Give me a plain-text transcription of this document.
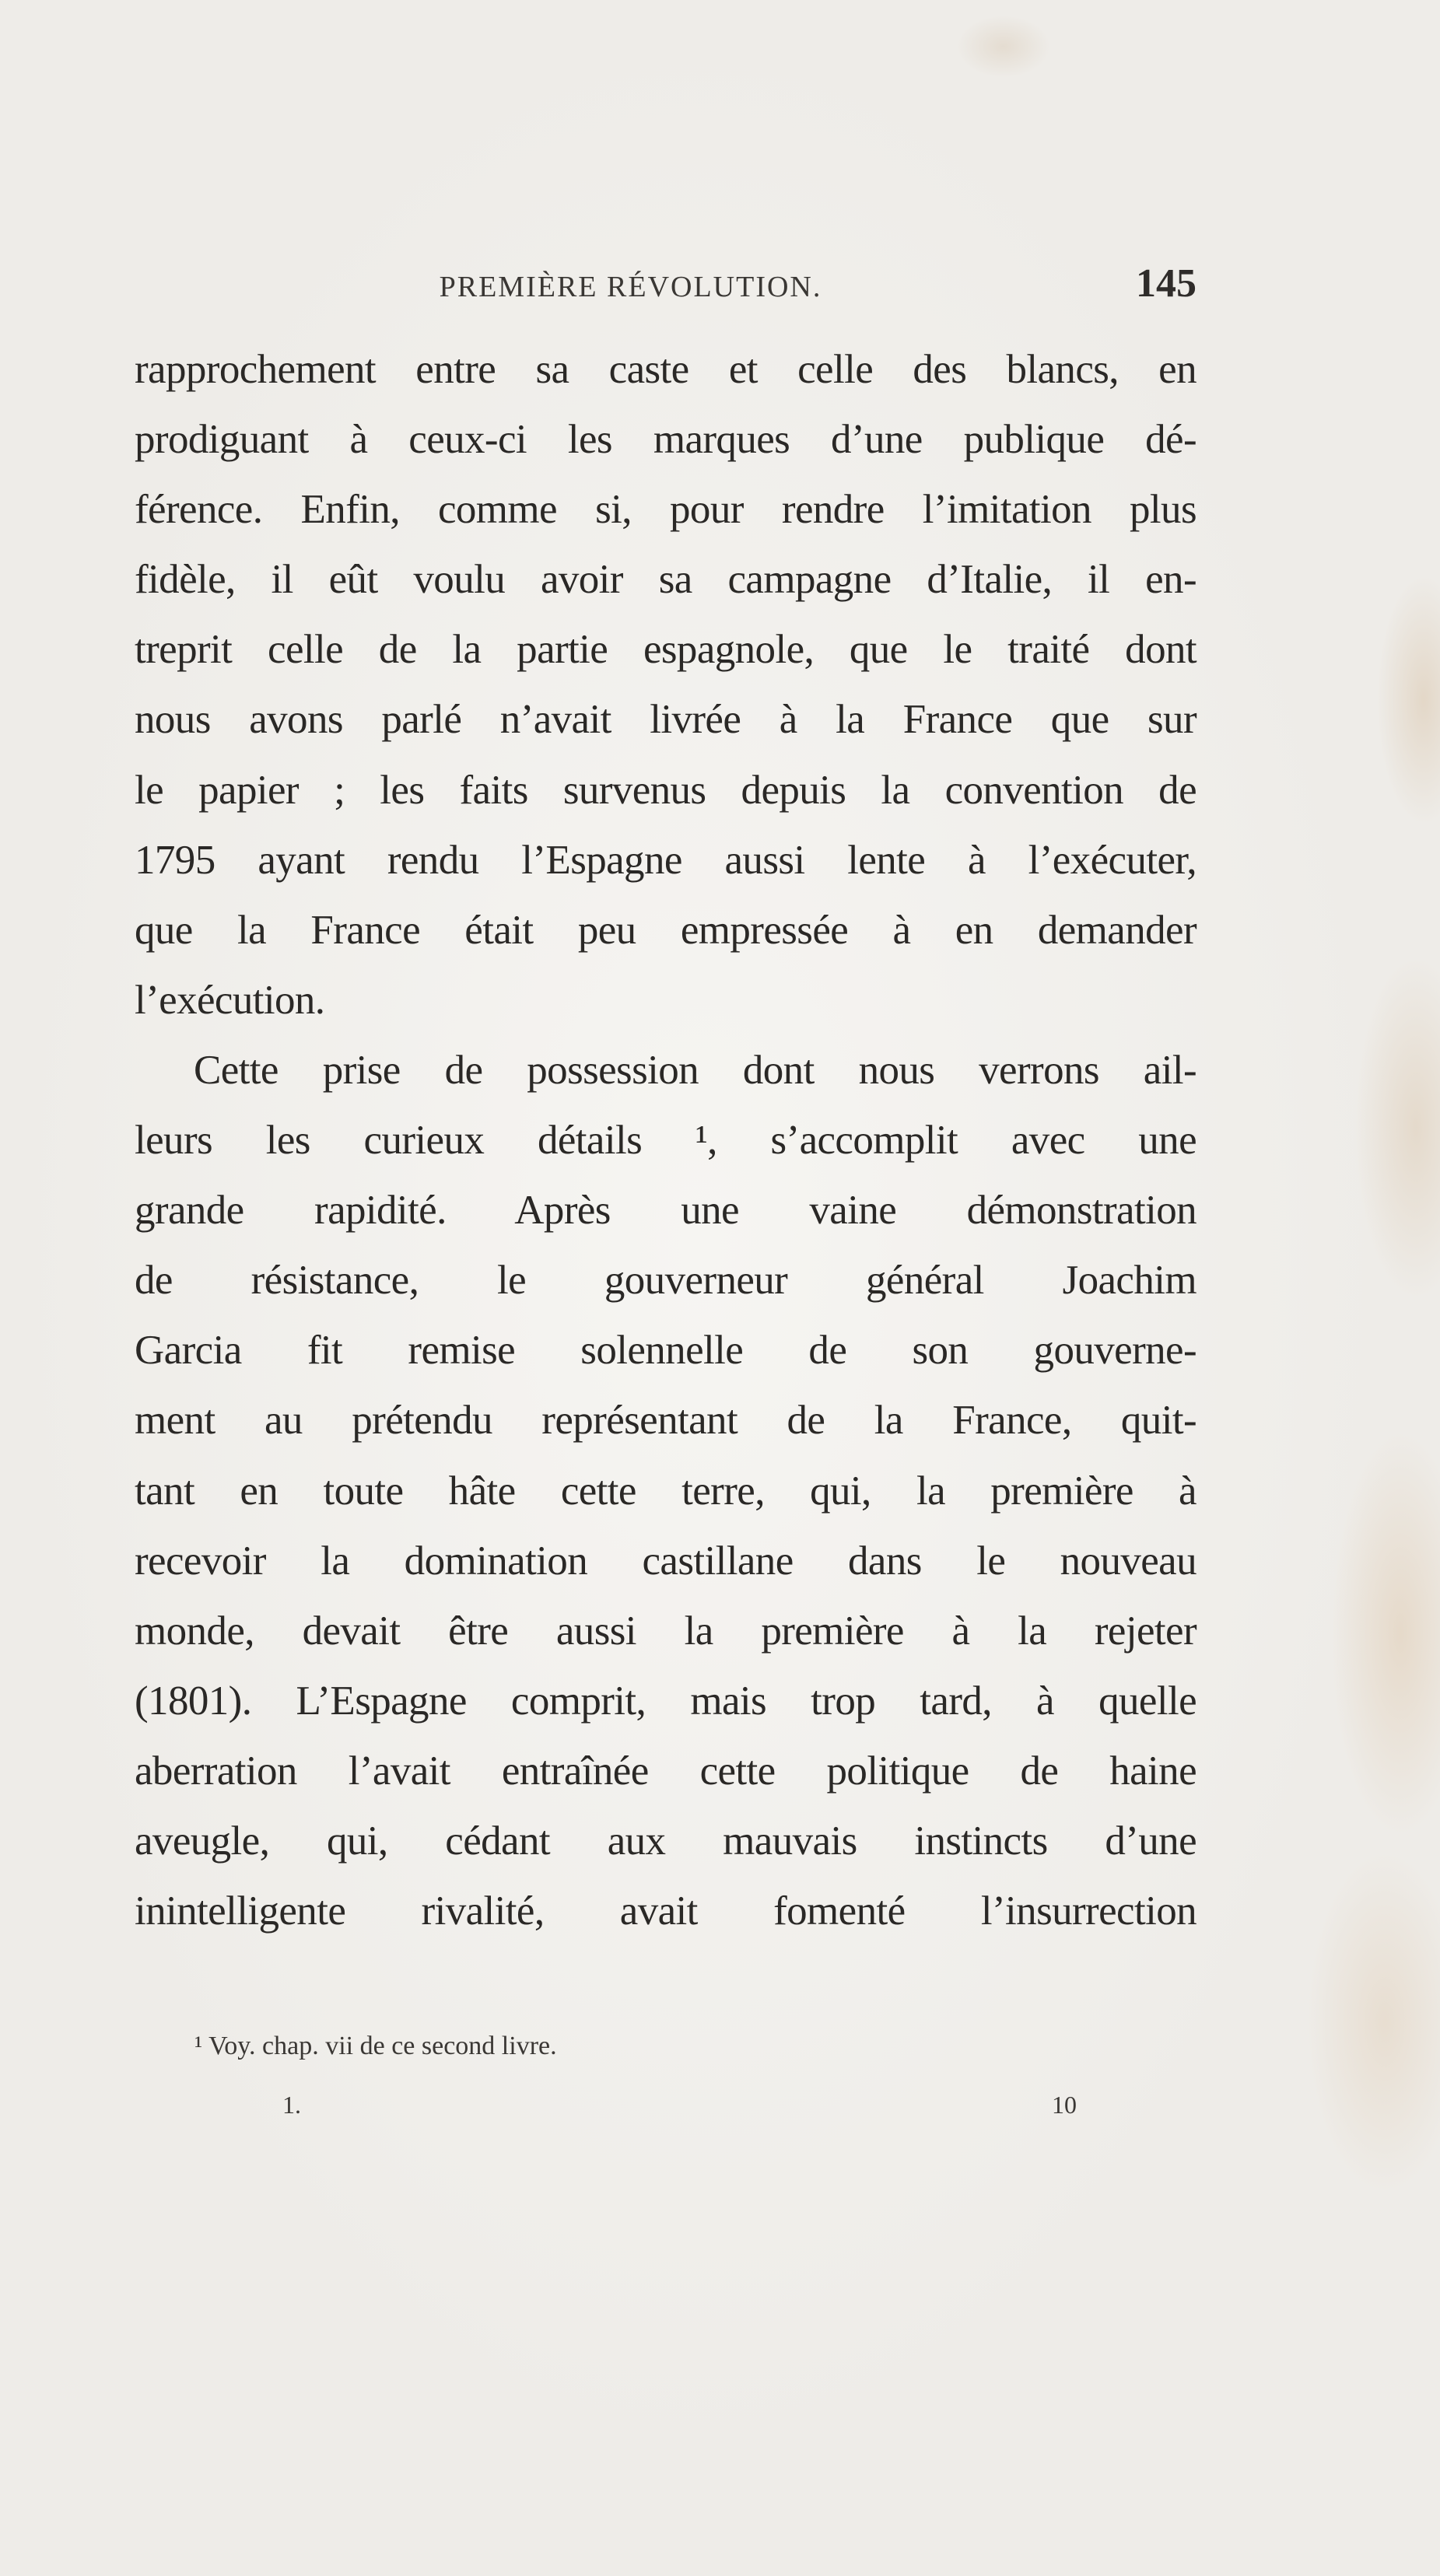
PREMIÈRE RÉVOLUTION.	145
rapprochement entre sa caste et celle des blancs, en
prodiguant à ceux-ci les marques d’une publique dé-
férence. Enfin, comme si, pour rendre l’imitation plus
fidèle, il eût voulu avoir sa campagne d’Italie, il en-
treprit celle de la partie espagnole, que le traité dont
nous avons parlé n’avait livrée à la France que sur
le papier ; les faits survenus depuis la convention de
1795 ayant rendu l’Espagne aussi lente à l’exécuter,
que la France était peu empressée à en demander
l’exécution.
Cette prise de possession dont nous verrons ail-
leurs les curieux détails ¹, s’accomplit avec une
grande rapidité. Après une vaine démonstration
de résistance, le gouverneur général Joachim
Garcia fit remise solennelle de son gouverne-
ment au prétendu représentant de la France, quit-
tant en toute hâte cette terre, qui, la première à
recevoir la domination castillane dans le nouveau
monde, devait être aussi la première à la rejeter
(1801). L’Espagne comprit, mais trop tard, à quelle
aberration l’avait entraînée cette politique de haine
aveugle, qui, cédant aux mauvais instincts d’une
inintelligente rivalité, avait fomenté l’insurrection
¹ Voy. chap. vii de ce second livre.
1.	10
